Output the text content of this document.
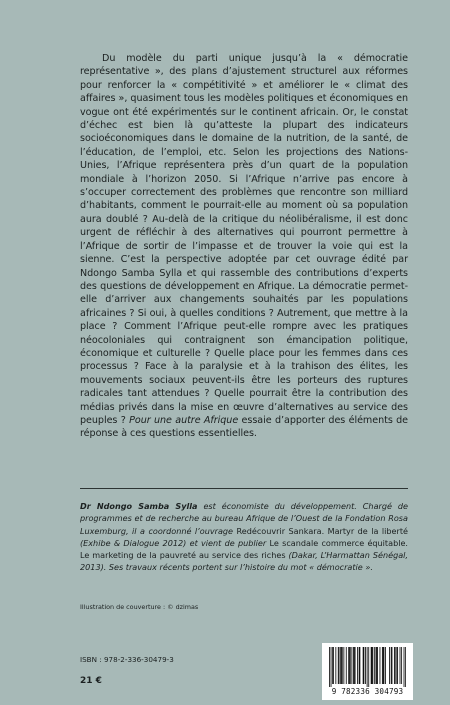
Du modèle du parti unique jusqu’à la « démocratie représentative », des plans d’ajustement structurel aux réformes pour renforcer la « compétitivité » et améliorer le « climat des affaires », quasiment tous les modèles politiques et économiques en vogue ont été expérimentés sur le continent africain. Or, le constat d’échec est bien là qu’atteste la plupart des indicateurs socioéconomiques dans le domaine de la nutrition, de la santé, de l’éducation, de l’emploi, etc. Selon les projections des Nations-Unies, l’Afrique représentera près d’un quart de la population mondiale à l’horizon 2050. Si l’Afrique n’arrive pas encore à s’occuper correctement des problèmes que rencontre son milliard d’habitants, comment le pourrait-elle au moment où sa population aura doublé ? Au-delà de la critique du néolibéralisme, il est donc urgent de réfléchir à des alternatives qui pourront permettre à l’Afrique de sortir de l’impasse et de trouver la voie qui est la sienne. C’est la perspective adoptée par cet ouvrage édité par Ndongo Samba Sylla et qui rassemble des contributions d’experts des questions de développement en Afrique. La démocratie permet-elle d’arriver aux changements souhaités par les populations africaines ? Si oui, à quelles conditions ? Autrement, que mettre à la place ? Comment l’Afrique peut-elle rompre avec les pratiques néocoloniales qui contraignent son émancipation politique, économique et culturelle ? Quelle place pour les femmes dans ces processus ? Face à la paralysie et à la trahison des élites, les mouvements sociaux peuvent-ils être les porteurs des ruptures radicales tant attendues ? Quelle pourrait être la contribution des médias privés dans la mise en œuvre d’alternatives au service des peuples ? Pour une autre Afrique essaie d’apporter des éléments de réponse à ces questions essentielles.

Dr Ndongo Samba Sylla est économiste du développement. Chargé de programmes et de recherche au bureau Afrique de l’Ouest de la Fondation Rosa Luxemburg, il a coordonné l’ouvrage Redécouvrir Sankara. Martyr de la liberté (Exhibe & Dialogue 2012) et vient de publier Le scandale commerce équitable. Le marketing de la pauvreté au service des riches (Dakar, L’Harmattan Sénégal, 2013). Ses travaux récents portent sur l’histoire du mot « démocratie ».

Illustration de couverture : © dzimas
ISBN : 978-2-336-30479-3
21 €
9 782336 304793
